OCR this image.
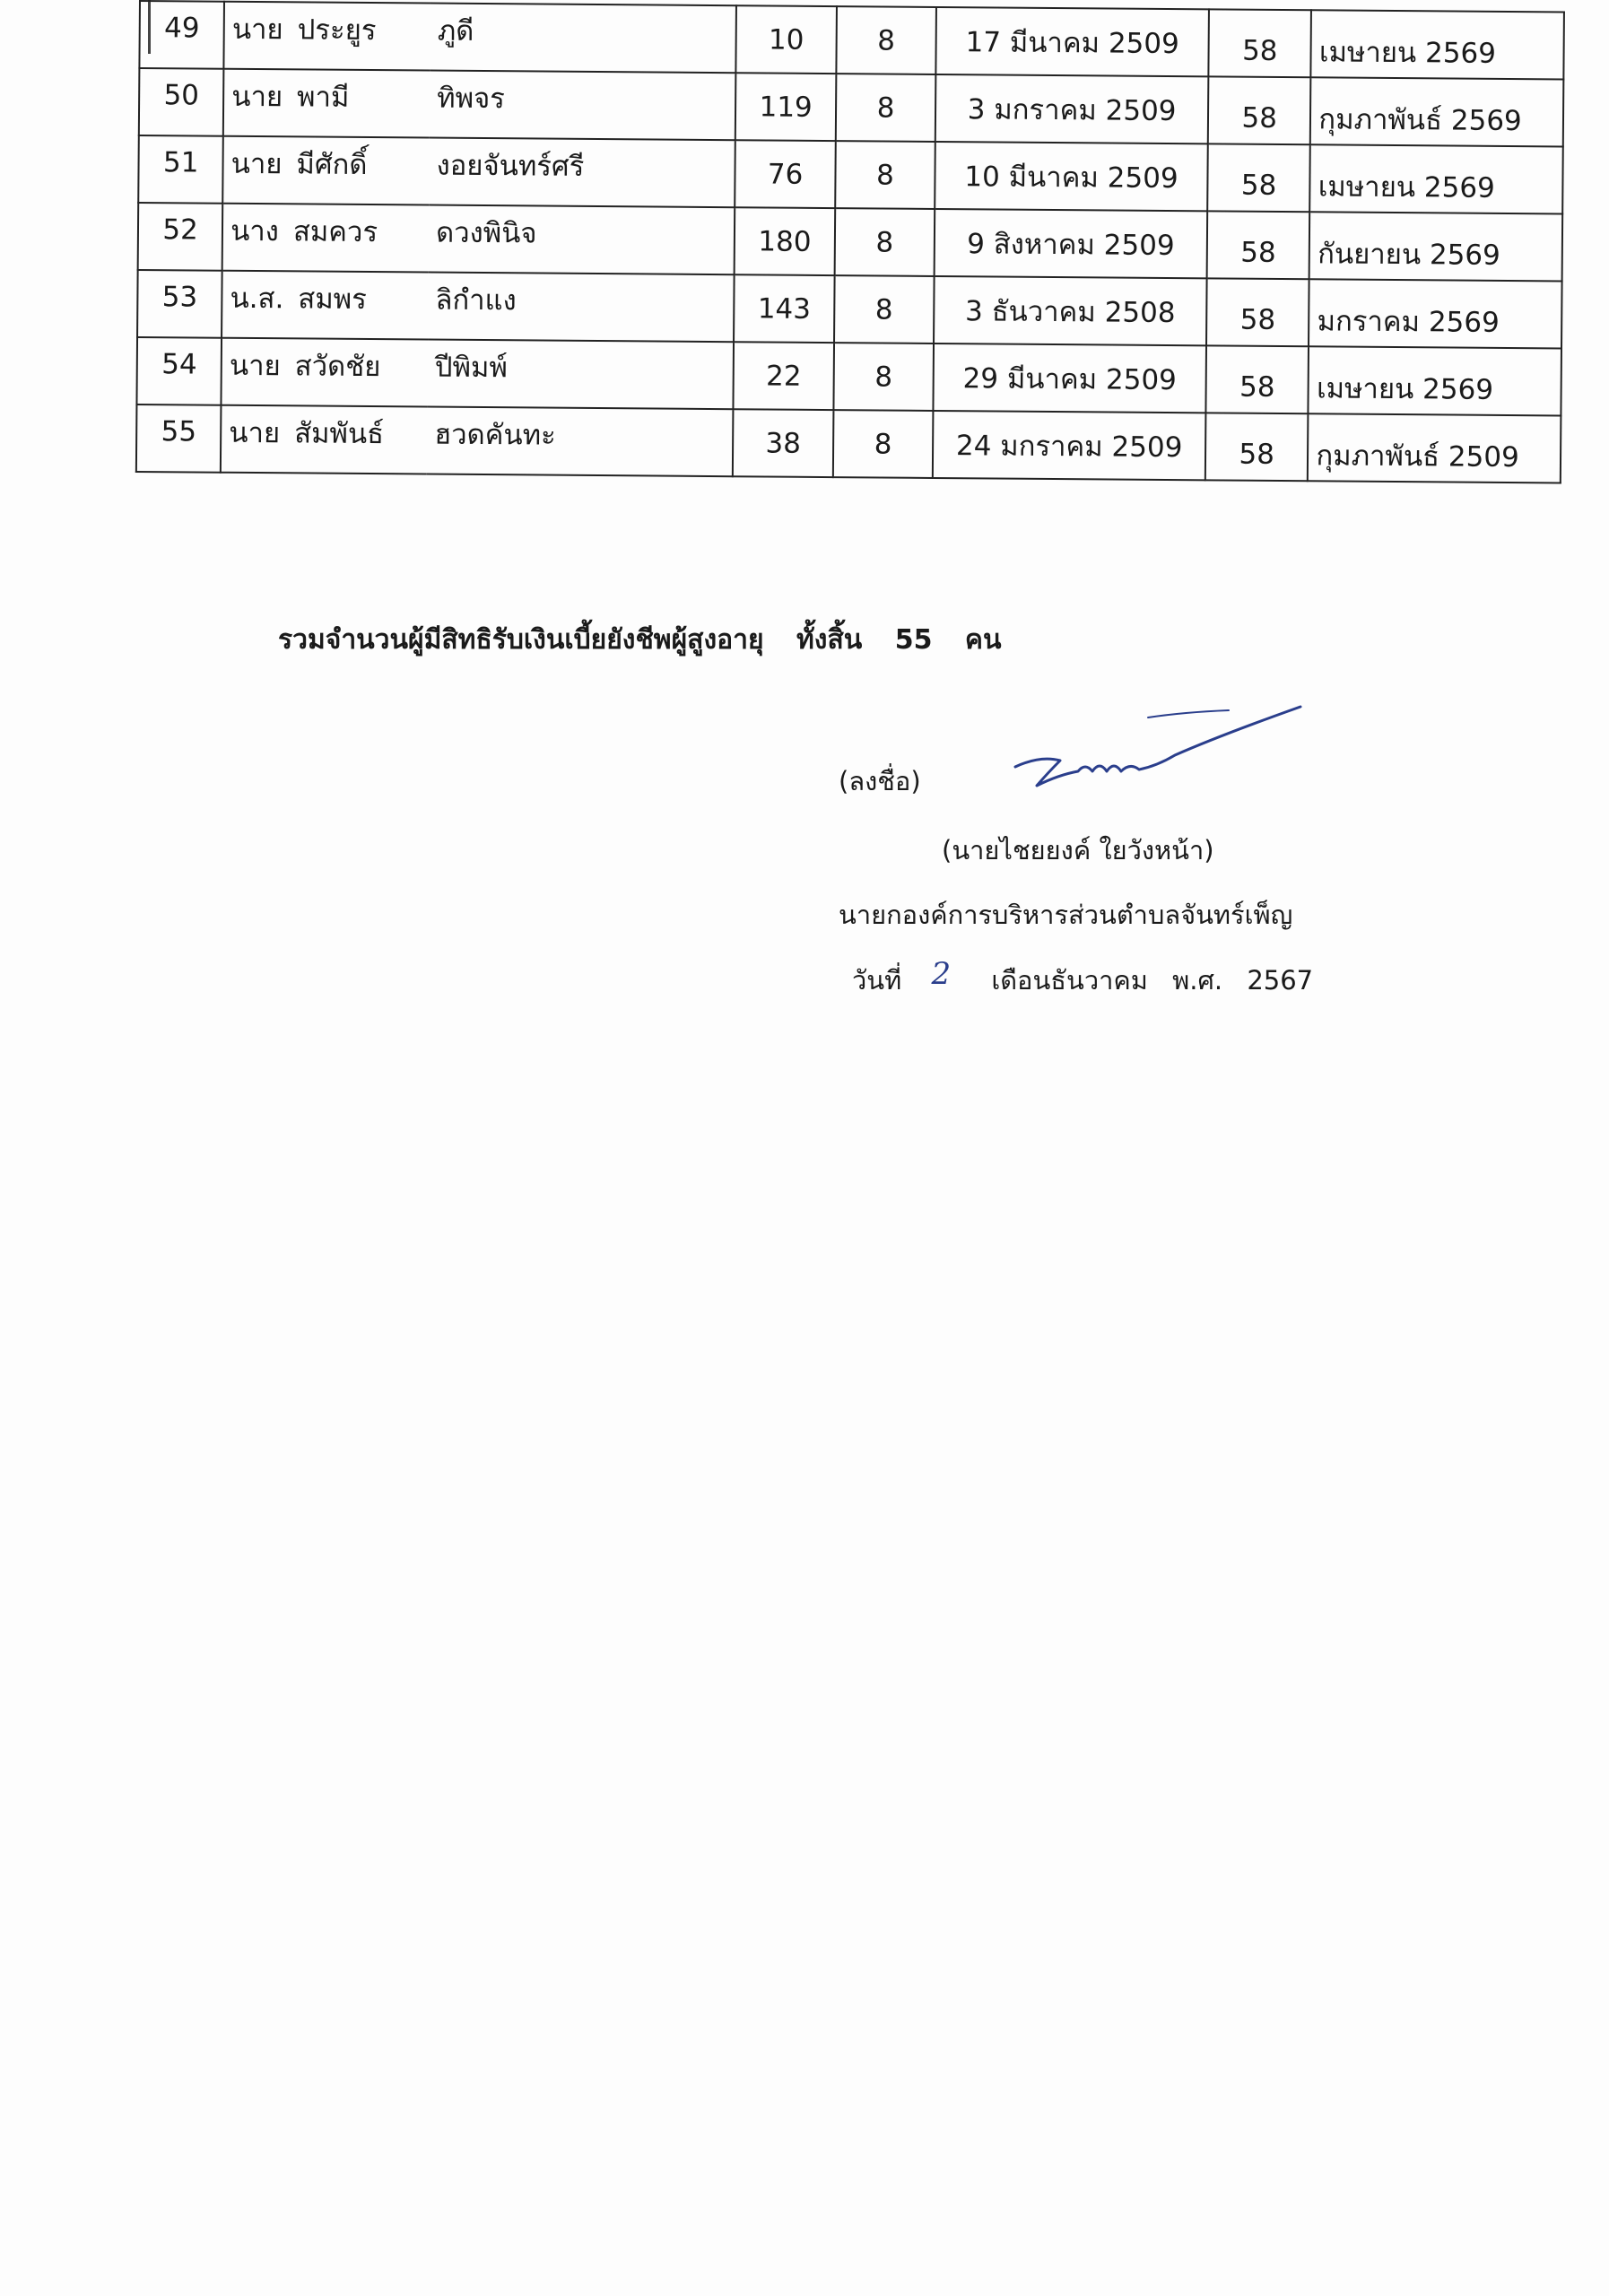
49	นาย ประยูร	ภูดี	10	8	17 มีนาคม 2509	58	เมษายน 2569
50	นาย พามี	ทิพจร	119	8	3 มกราคม 2509	58	กุมภาพันธ์ 2569
51	นาย มีศักดิ์	งอยจันทร์ศรี	76	8	10 มีนาคม 2509	58	เมษายน 2569
52	นาง สมควร	ดวงพินิจ	180	8	9 สิงหาคม 2509	58	กันยายน 2569
53	น.ส. สมพร	ลิกำแง	143	8	3 ธันวาคม 2508	58	มกราคม 2569
54	นาย สวัดชัย	ปีพิมพ์	22	8	29 มีนาคม 2509	58	เมษายน 2569
55	นาย สัมพันธ์	ฮวดคันทะ	38	8	24 มกราคม 2509	58	กุมภาพันธ์ 2509
รวมจำนวนผู้มีสิทธิรับเงินเบี้ยยังชีพผู้สูงอายุ ทั้งสิ้น 55 คน
(ลงชื่อ)
(นายไชยยงค์ ใยวังหน้า)
นายกองค์การบริหารส่วนตำบลจันทร์เพ็ญ
วันที่ 2 เดือนธันวาคม พ.ศ. 2567
